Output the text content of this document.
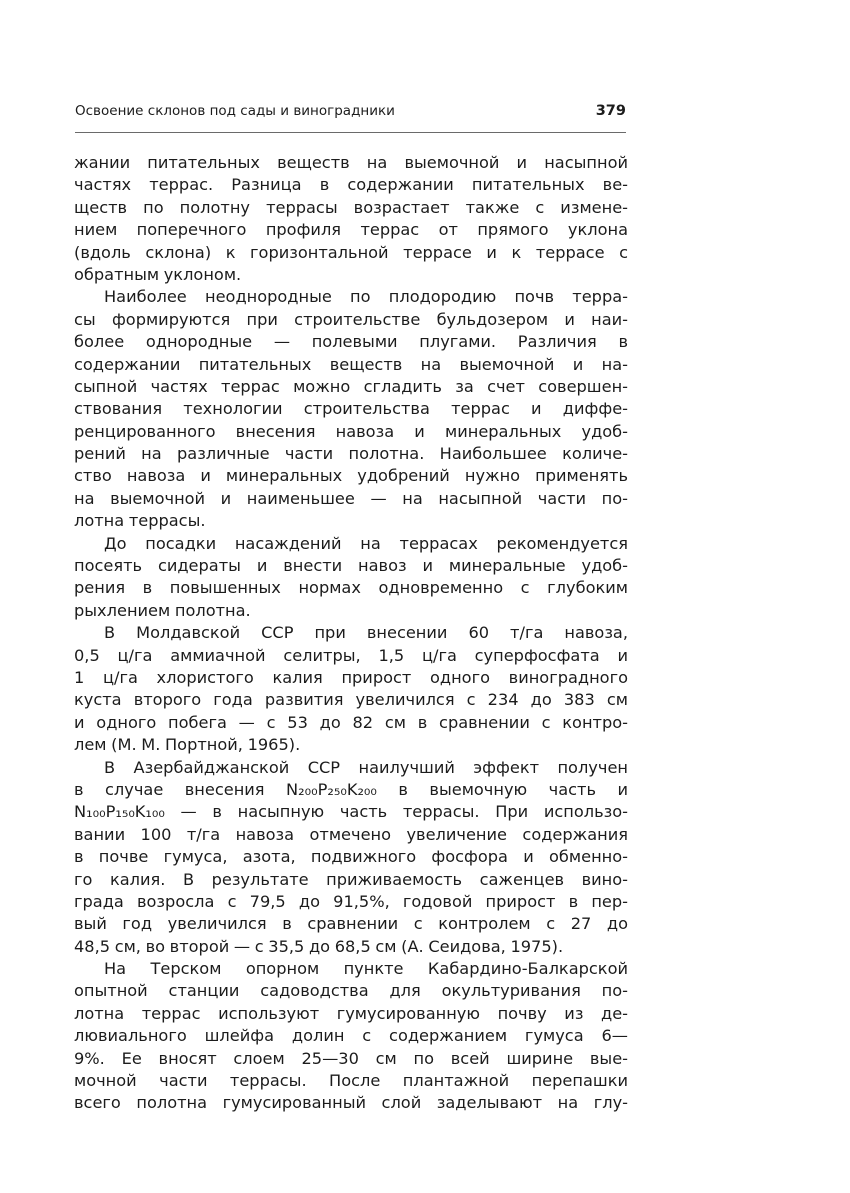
Освоение склонов под сады и виноградники	379
жании питательных веществ на выемочной и насыпной
частях террас. Разница в содержании питательных ве-
ществ по полотну террасы возрастает также с измене-
нием поперечного профиля террас от прямого уклона
(вдоль склона) к горизонтальной террасе и к террасе с
обратным уклоном.
Наиболее неоднородные по плодородию почв терра-
сы формируются при строительстве бульдозером и наи-
более однородные — полевыми плугами. Различия в
содержании питательных веществ на выемочной и на-
сыпной частях террас можно сгладить за счет совершен-
ствования технологии строительства террас и диффе-
ренцированного внесения навоза и минеральных удоб-
рений на различные части полотна. Наибольшее количе-
ство навоза и минеральных удобрений нужно применять
на выемочной и наименьшее — на насыпной части по-
лотна террасы.
До посадки насаждений на террасах рекомендуется
посеять сидераты и внести навоз и минеральные удоб-
рения в повышенных нормах одновременно с глубоким
рыхлением полотна.
В Молдавской ССР при внесении 60 т/га навоза,
0,5 ц/га аммиачной селитры, 1,5 ц/га суперфосфата и
1 ц/га хлористого калия прирост одного виноградного
куста второго года развития увеличился с 234 до 383 см
и одного побега — с 53 до 82 см в сравнении с контро-
лем (М. М. Портной, 1965).
В Азербайджанской ССР наилучший эффект получен
в случае внесения N₂₀₀P₂₅₀K₂₀₀ в выемочную часть и
N₁₀₀P₁₅₀K₁₀₀ — в насыпную часть террасы. При использо-
вании 100 т/га навоза отмечено увеличение содержания
в почве гумуса, азота, подвижного фосфора и обменно-
го калия. В результате приживаемость саженцев вино-
града возросла с 79,5 до 91,5%, годовой прирост в пер-
вый год увеличился в сравнении с контролем с 27 до
48,5 см, во второй — с 35,5 до 68,5 см (А. Сеидова, 1975).
На Терском опорном пункте Кабардино-Балкарской
опытной станции садоводства для окультуривания по-
лотна террас используют гумусированную почву из де-
лювиального шлейфа долин с содержанием гумуса 6—
9%. Ее вносят слоем 25—30 см по всей ширине вые-
мочной части террасы. После плантажной перепашки
всего полотна гумусированный слой заделывают на глу-
